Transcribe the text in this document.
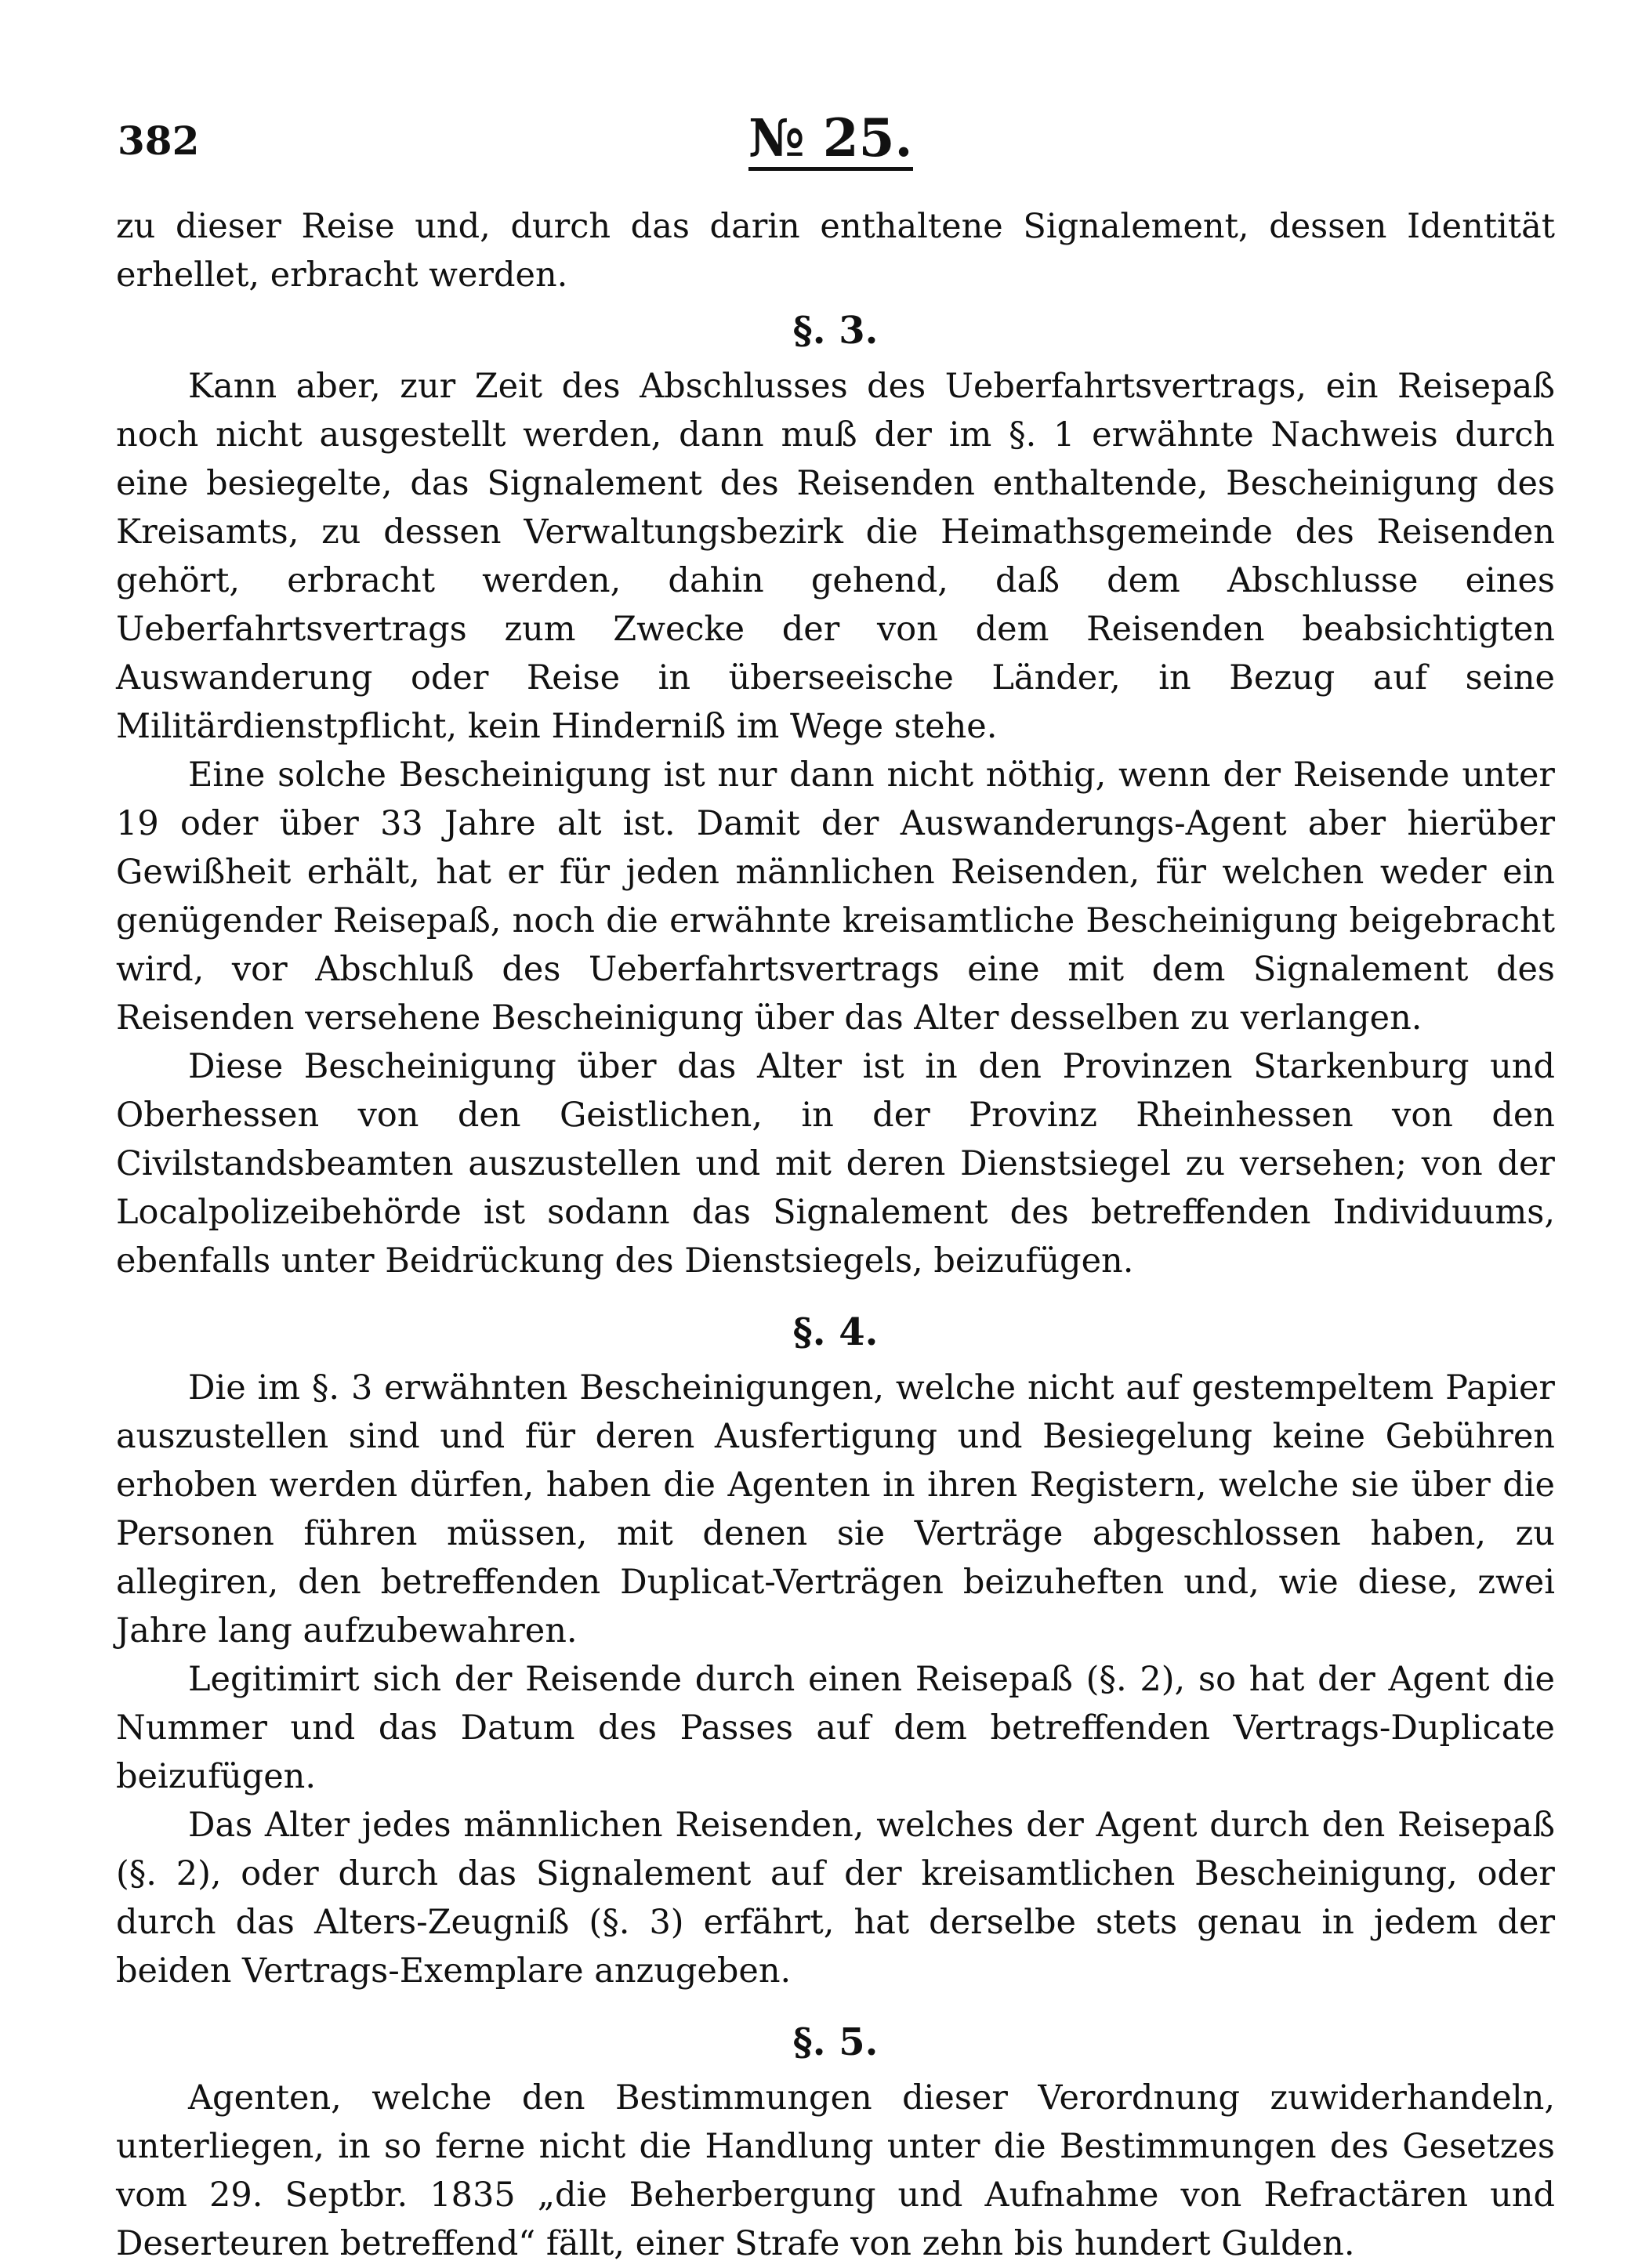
382	№ 25.

zu dieser Reise und, durch das darin enthaltene Signalement, dessen Identität erhellet, erbracht werden.

§. 3.

Kann aber, zur Zeit des Abschlusses des Ueberfahrtsvertrags, ein Reisepaß noch nicht ausgestellt werden, dann muß der im §. 1 erwähnte Nachweis durch eine besiegelte, das Signalement des Reisenden enthaltende, Bescheinigung des Kreisamts, zu dessen Verwaltungsbezirk die Heimathsgemeinde des Reisenden gehört, erbracht werden, dahin gehend, daß dem Abschlusse eines Ueberfahrtsvertrags zum Zwecke der von dem Reisenden beabsichtigten Auswanderung oder Reise in überseeische Länder, in Bezug auf seine Militärdienstpflicht, kein Hinderniß im Wege stehe.

Eine solche Bescheinigung ist nur dann nicht nöthig, wenn der Reisende unter 19 oder über 33 Jahre alt ist. Damit der Auswanderungs-Agent aber hierüber Gewißheit erhält, hat er für jeden männlichen Reisenden, für welchen weder ein genügender Reisepaß, noch die erwähnte kreisamtliche Bescheinigung beigebracht wird, vor Abschluß des Ueberfahrtsvertrags eine mit dem Signalement des Reisenden versehene Bescheinigung über das Alter desselben zu verlangen.

Diese Bescheinigung über das Alter ist in den Provinzen Starkenburg und Oberhessen von den Geistlichen, in der Provinz Rheinhessen von den Civilstandsbeamten auszustellen und mit deren Dienstsiegel zu versehen; von der Localpolizeibehörde ist sodann das Signalement des betreffenden Individuums, ebenfalls unter Beidrückung des Dienstsiegels, beizufügen.

§. 4.

Die im §. 3 erwähnten Bescheinigungen, welche nicht auf gestempeltem Papier auszustellen sind und für deren Ausfertigung und Besiegelung keine Gebühren erhoben werden dürfen, haben die Agenten in ihren Registern, welche sie über die Personen führen müssen, mit denen sie Verträge abgeschlossen haben, zu allegiren, den betreffenden Duplicat-Verträgen beizuheften und, wie diese, zwei Jahre lang aufzubewahren.

Legitimirt sich der Reisende durch einen Reisepaß (§. 2), so hat der Agent die Nummer und das Datum des Passes auf dem betreffenden Vertrags-Duplicate beizufügen.

Das Alter jedes männlichen Reisenden, welches der Agent durch den Reisepaß (§. 2), oder durch das Signalement auf der kreisamtlichen Bescheinigung, oder durch das Alters-Zeugniß (§. 3) erfährt, hat derselbe stets genau in jedem der beiden Vertrags-Exemplare anzugeben.

§. 5.

Agenten, welche den Bestimmungen dieser Verordnung zuwiderhandeln, unterliegen, in so ferne nicht die Handlung unter die Bestimmungen des Gesetzes vom 29. Septbr. 1835 „die Beherbergung und Aufnahme von Refractären und Deserteuren betreffend“ fällt, einer Strafe von zehn bis hundert Gulden.
